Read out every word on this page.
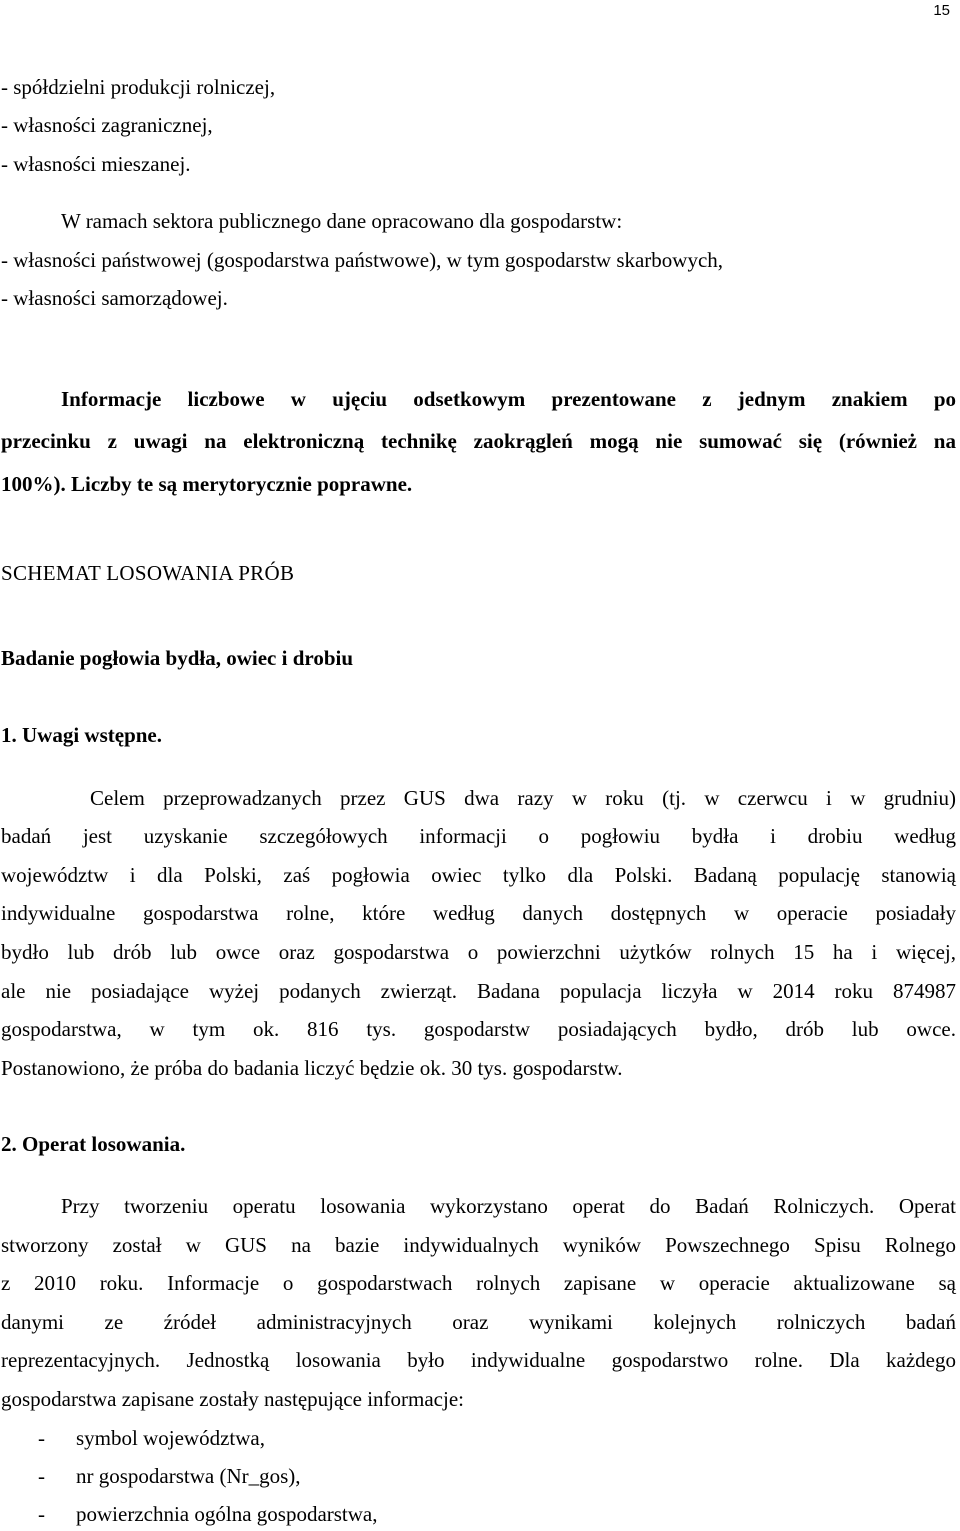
15
- spółdzielni produkcji rolniczej,
- własności zagranicznej,
- własności mieszanej.
W ramach sektora publicznego dane opracowano dla gospodarstw:
- własności państwowej (gospodarstwa państwowe), w tym gospodarstw skarbowych,
- własności samorządowej.
Informacje liczbowe w ujęciu odsetkowym prezentowane z jednym znakiem po
przecinku z uwagi na elektroniczną technikę zaokrągleń mogą nie sumować się (również na
100%). Liczby te są merytorycznie poprawne.
SCHEMAT LOSOWANIA PRÓB
Badanie pogłowia bydła, owiec i drobiu
1. Uwagi wstępne.
Celem przeprowadzanych przez GUS dwa razy w roku (tj. w czerwcu i w grudniu)
badań jest uzyskanie szczegółowych informacji o pogłowiu bydła i drobiu według
województw i dla Polski, zaś pogłowia owiec tylko dla Polski. Badaną populację stanowią
indywidualne gospodarstwa rolne, które według danych dostępnych w operacie posiadały
bydło lub drób lub owce oraz gospodarstwa o powierzchni użytków rolnych 15 ha i więcej,
ale nie posiadające wyżej podanych zwierząt. Badana populacja liczyła w 2014 roku 874987
gospodarstwa, w tym ok. 816 tys. gospodarstw posiadających bydło, drób lub owce.
Postanowiono, że próba do badania liczyć będzie ok. 30 tys. gospodarstw.
2. Operat losowania.
Przy tworzeniu operatu losowania wykorzystano operat do Badań Rolniczych. Operat
stworzony został w GUS na bazie indywidualnych wyników Powszechnego Spisu Rolnego
z 2010 roku. Informacje o gospodarstwach rolnych zapisane w operacie aktualizowane są
danymi ze źródeł administracyjnych oraz wynikami kolejnych rolniczych badań
reprezentacyjnych. Jednostką losowania było indywidualne gospodarstwo rolne. Dla każdego
gospodarstwa zapisane zostały następujące informacje:
- symbol województwa,
- nr gospodarstwa (Nr_gos),
- powierzchnia ogólna gospodarstwa,
